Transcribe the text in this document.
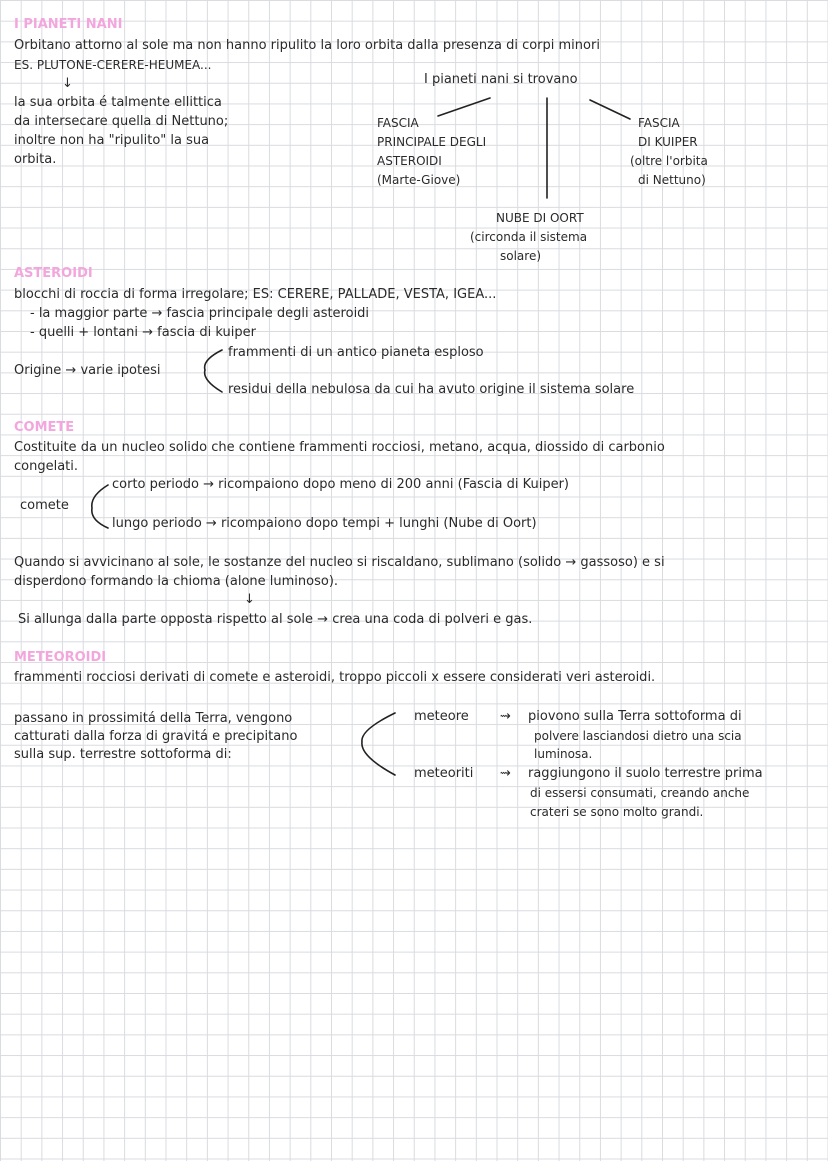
I PIANETI NANI
Orbitano attorno al sole ma non hanno ripulito la loro orbita dalla presenza di corpi minori
ES. PLUTONE-CERERE-HEUMEA...
↓	I pianeti nani si trovano
la sua orbita é talmente ellittica
da intersecare quella di Nettuno;
inoltre non ha "ripulito" la sua
orbita.
FASCIA
PRINCIPALE DEGLI
ASTEROIDI
(Marte-Giove)
FASCIA
DI KUIPER
(oltre l'orbita
di Nettuno)
NUBE DI OORT
(circonda il sistema
solare)
ASTEROIDI
blocchi di roccia di forma irregolare; ES: CERERE, PALLADE, VESTA, IGEA...
- la maggior parte → fascia principale degli asteroidi
- quelli + lontani → fascia di kuiper
frammenti di un antico pianeta esploso
Origine → varie ipotesi
residui della nebulosa da cui ha avuto origine il sistema solare
COMETE
Costituite da un nucleo solido che contiene frammenti rocciosi, metano, acqua, diossido di carbonio
congelati.
corto periodo → ricompaiono dopo meno di 200 anni (Fascia di Kuiper)
comete
lungo periodo → ricompaiono dopo tempi + lunghi (Nube di Oort)
Quando si avvicinano al sole, le sostanze del nucleo si riscaldano, sublimano (solido → gassoso) e si
disperdono formando la chioma (alone luminoso).
↓
Si allunga dalla parte opposta rispetto al sole → crea una coda di polveri e gas.
METEOROIDI
frammenti rocciosi derivati di comete e asteroidi, troppo piccoli x essere considerati veri asteroidi.
passano in prossimitá della Terra, vengono
catturati dalla forza di gravitá e precipitano
sulla sup. terrestre sottoforma di:
meteore ⇝ piovono sulla Terra sottoforma di
polvere lasciandosi dietro una scia
luminosa.
meteoriti ⇝ raggiungono il suolo terrestre prima
di essersi consumati, creando anche
crateri se sono molto grandi.
